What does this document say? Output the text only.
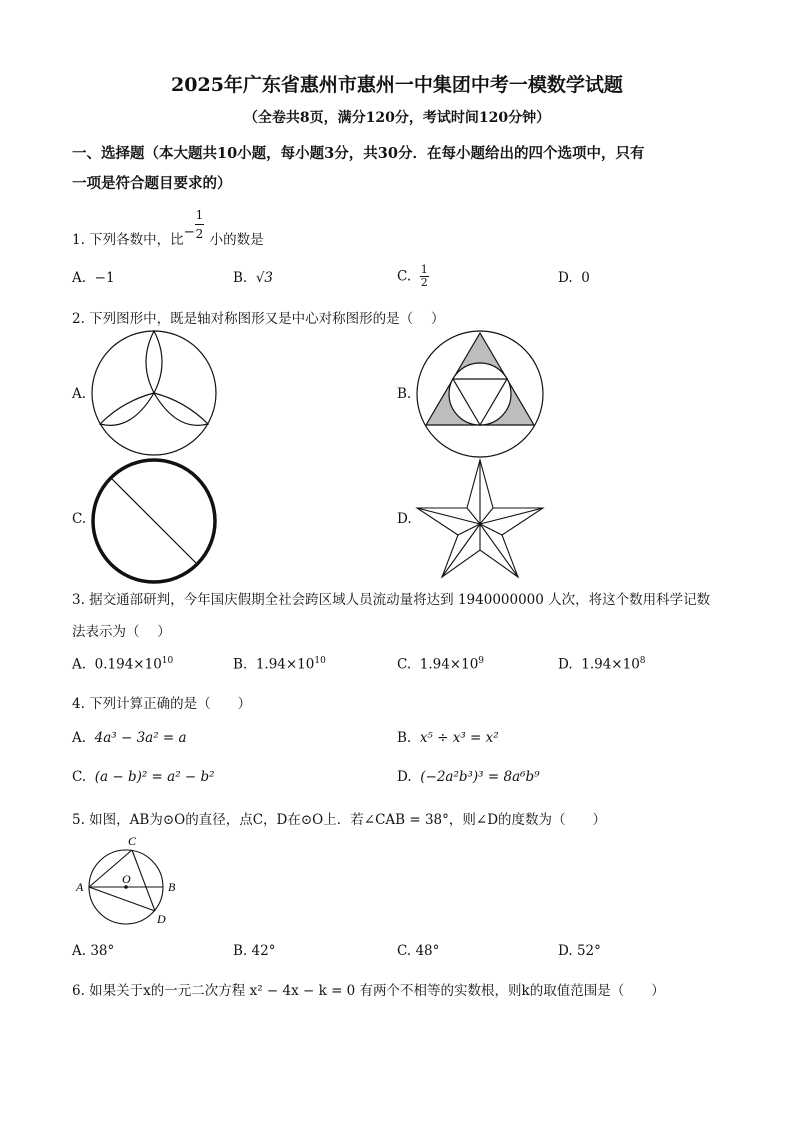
2025年广东省惠州市惠州一中集团中考一模数学试题
（全卷共8页，满分120分，考试时间120分钟）
一、选择题（本大题共10小题，每小题3分，共30分．在每小题给出的四个选项中，只有
一项是符合题目要求的）
1. 下列各数中，比 −
1
2 小的数是
A. −1	B. √3	C. $\frac{1}{2}$	D. 0
2. 下列图形中，既是轴对称图形又是中心对称图形的是（　 ）
A.	B.
C.	D.
3. 据交通部研判，今年国庆假期全社会跨区域人员流动量将达到 1940000000 人次，将这个数用科学记数
法表示为（　 ）
A. $0.194\times 10^{10}$	B. $1.94\times 10^{10}$	C. $1.94\times 10^9$	D. $1.94\times 10^8$
4. 下列计算正确的是（　　）
A. 4a³ − 3a² = a	B. x⁵ ÷ x³ = x²
C. (a − b)² = a² − b²	D. (−2a²b³)³ = 8a⁶b⁹
5. 如图，AB为⊙O的直径，点C，D在⊙O上．若∠CAB = 38°，则∠D的度数为（　　）
A	B
C
D
O
A. 38°	B. 42°	C. 48°	D. 52°
6. 如果关于x的一元二次方程 x² − 4x − k = 0 有两个不相等的实数根，则k的取值范围是（　　）
